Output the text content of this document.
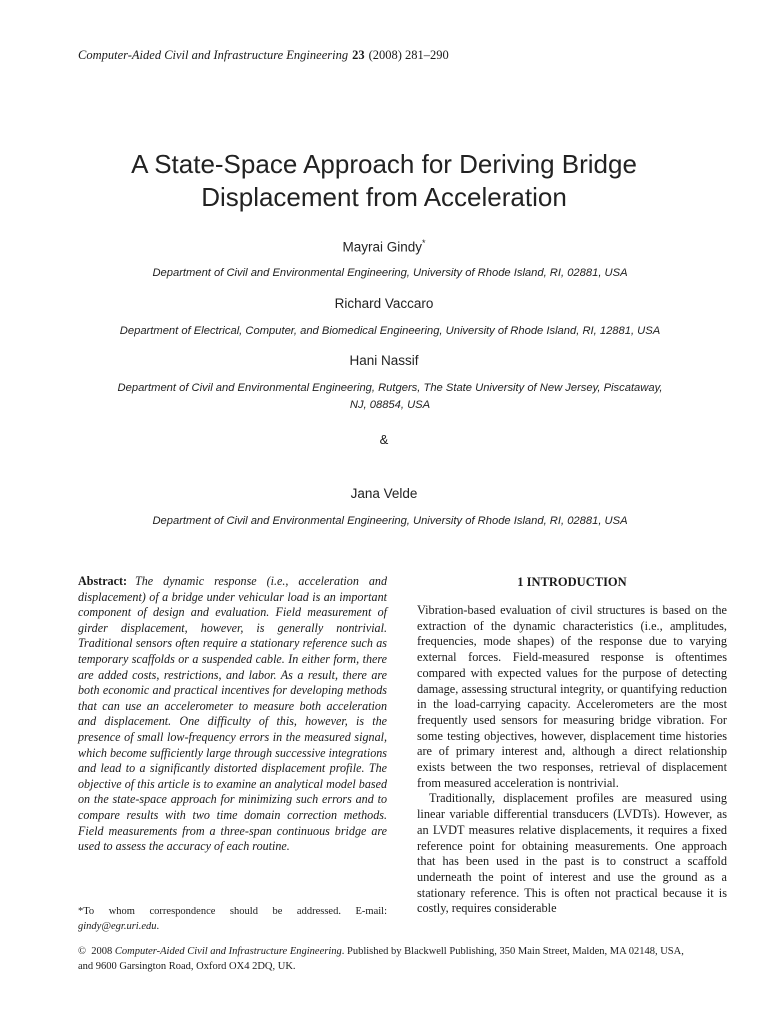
Computer-Aided Civil and Infrastructure Engineering 23 (2008) 281–290
A State-Space Approach for Deriving Bridge
Displacement from Acceleration
Mayrai Gindy*
Department of Civil and Environmental Engineering, University of Rhode Island, RI, 02881, USA
Richard Vaccaro
Department of Electrical, Computer, and Biomedical Engineering, University of Rhode Island, RI, 12881, USA
Hani Nassif
Department of Civil and Environmental Engineering, Rutgers, The State University of New Jersey, Piscataway,
NJ, 08854, USA
&
Jana Velde
Department of Civil and Environmental Engineering, University of Rhode Island, RI, 02881, USA
Abstract: The dynamic response (i.e., acceleration and displacement) of a bridge under vehicular load is an important component of design and evaluation. Field measurement of girder displacement, however, is generally nontrivial. Traditional sensors often require a stationary reference such as temporary scaffolds or a suspended cable. In either form, there are added costs, restrictions, and labor. As a result, there are both economic and practical incentives for developing methods that can use an accelerometer to measure both acceleration and displacement. One difficulty of this, however, is the presence of small low-frequency errors in the measured signal, which become sufficiently large through successive integrations and lead to a significantly distorted displacement profile. The objective of this article is to examine an analytical model based on the state-space approach for minimizing such errors and to compare results with two time domain correction methods. Field measurements from a three-span continuous bridge are used to assess the accuracy of each routine.
*To whom correspondence should be addressed. E-mail: gindy@egr.uri.edu.
1 INTRODUCTION

Vibration-based evaluation of civil structures is based on the extraction of the dynamic characteristics (i.e., amplitudes, frequencies, mode shapes) of the response due to varying external forces. Field-measured response is oftentimes compared with expected values for the purpose of detecting damage, assessing structural integrity, or quantifying reduction in the load-carrying capacity. Accelerometers are the most frequently used sensors for measuring bridge vibration. For some testing objectives, however, displacement time histories are of primary interest and, although a direct relationship exists between the two responses, retrieval of displacement from measured acceleration is nontrivial.

Traditionally, displacement profiles are measured using linear variable differential transducers (LVDTs). However, as an LVDT measures relative displacements, it requires a fixed reference point for obtaining measurements. One approach that has been used in the past is to construct a scaffold underneath the point of interest and use the ground as a stationary reference. This is often not practical because it is costly, requires considerable

© 2008 Computer-Aided Civil and Infrastructure Engineering. Published by Blackwell Publishing, 350 Main Street, Malden, MA 02148, USA,
and 9600 Garsington Road, Oxford OX4 2DQ, UK.
